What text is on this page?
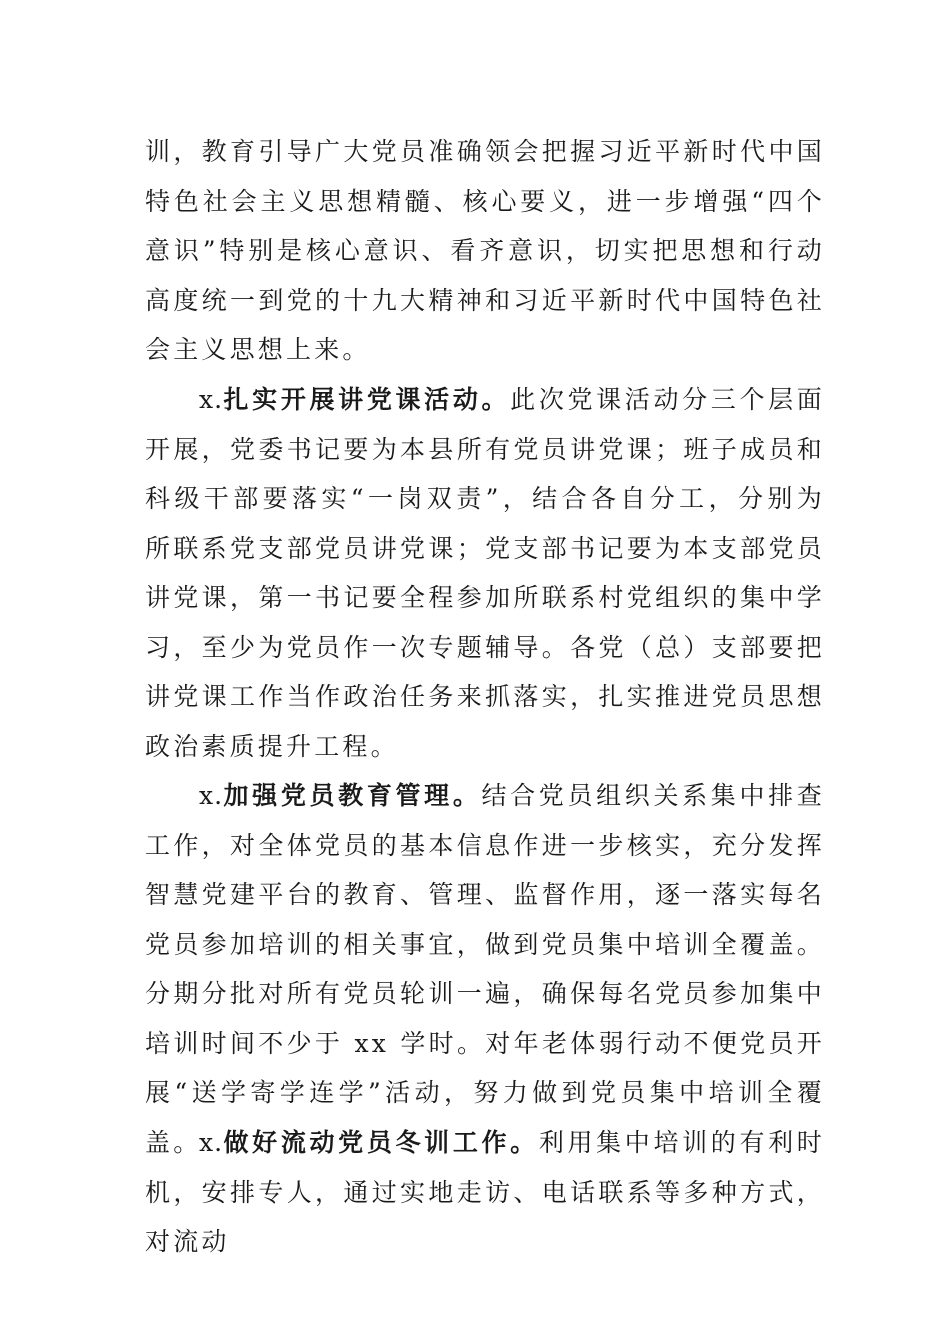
训，教育引导广大党员准确领会把握习近平新时代中国特色社会主义思想精髓、核心要义，进一步增强“四个意识”特别是核心意识、看齐意识，切实把思想和行动高度统一到党的十九大精神和习近平新时代中国特色社会主义思想上来。

x.扎实开展讲党课活动。此次党课活动分三个层面开展，党委书记要为本县所有党员讲党课；班子成员和科级干部要落实“一岗双责”，结合各自分工，分别为所联系党支部党员讲党课；党支部书记要为本支部党员讲党课，第一书记要全程参加所联系村党组织的集中学习，至少为党员作一次专题辅导。各党（总）支部要把讲党课工作当作政治任务来抓落实，扎实推进党员思想政治素质提升工程。

x.加强党员教育管理。结合党员组织关系集中排查工作，对全体党员的基本信息作进一步核实，充分发挥智慧党建平台的教育、管理、监督作用，逐一落实每名党员参加培训的相关事宜，做到党员集中培训全覆盖。分期分批对所有党员轮训一遍，确保每名党员参加集中培训时间不少于 xx 学时。对年老体弱行动不便党员开展“送学寄学连学”活动，努力做到党员集中培训全覆盖。

x.做好流动党员冬训工作。利用集中培训的有利时机，安排专人，通过实地走访、电话联系等多种方式，对流动
